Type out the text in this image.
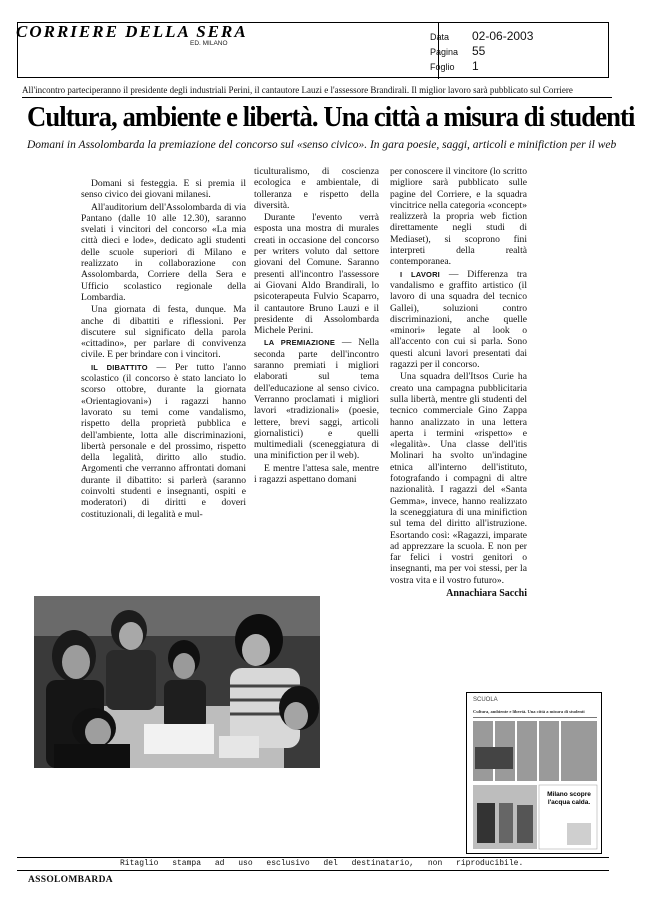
CORRIERE DELLA SERA
ED. MILANO
Data 02-06-2003
Pagina 55
Foglio 1
All'incontro parteciperanno il presidente degli industriali Perini, il cantautore Lauzi e l'assessore Brandirali. Il miglior lavoro sarà pubblicato sul Corriere
Cultura, ambiente e libertà. Una città a misura di studenti
Domani in Assolombarda la premiazione del concorso sul «senso civico». In gara poesie, saggi, articoli e minifiction per il web

Domani si festeggia. E si premia il senso civico dei giovani milanesi.

All'auditorium dell'Assolombarda di via Pantano (dalle 10 alle 12.30), saranno svelati i vincitori del concorso «La mia città dieci e lode», dedicato agli studenti delle scuole superiori di Milano e realizzato in collaborazione con Assolombarda, Corriere della Sera e Ufficio scolastico regionale della Lombardia.

Una giornata di festa, dunque. Ma anche di dibattiti e riflessioni. Per discutere sul significato della parola «cittadino», per parlare di convivenza civile. E per brindare con i vincitori.

IL DIBATTITO — Per tutto l'anno scolastico (il concorso è stato lanciato lo scorso ottobre, durante la giornata «Orientagiovani») i ragazzi hanno lavorato su temi come vandalismo, rispetto della proprietà pubblica e dell'ambiente, lotta alle discriminazioni, libertà personale e del prossimo, rispetto della legalità, diritto allo studio. Argomenti che verranno affrontati domani durante il dibattito: si parlerà (saranno coinvolti studenti e insegnanti, ospiti e moderatori) di diritti e doveri costituzionali, di legalità e mul-

ticulturalismo, di coscienza ecologica e ambientale, di tolleranza e rispetto della diversità.

Durante l'evento verrà esposta una mostra di murales creati in occasione del concorso per writers voluto dal settore giovani del Comune. Saranno presenti all'incontro l'assessore ai Giovani Aldo Brandirali, lo psicoterapeuta Fulvio Scaparro, il cantautore Bruno Lauzi e il presidente di Assolombarda Michele Perini.

LA PREMIAZIONE — Nella seconda parte dell'incontro saranno premiati i migliori elaborati sul tema dell'educazione al senso civico. Verranno proclamati i migliori lavori «tradizionali» (poesie, lettere, brevi saggi, articoli giornalistici) e quelli multimediali (sceneggiatura di una minifiction per il web).

E mentre l'attesa sale, mentre i ragazzi aspettano domani

per conoscere il vincitore (lo scritto migliore sarà pubblicato sulle pagine del Corriere, e la squadra vincitrice nella categoria «concept» realizzerà la propria web fiction direttamente negli studi di Mediaset), si scoprono fini interpreti della realtà contemporanea.

I LAVORI — Differenza tra vandalismo e graffito artistico (il lavoro di una squadra del tecnico Gallei), soluzioni contro discriminazioni, anche quelle «minori» legate al look o all'accento con cui si parla. Sono questi alcuni lavori presentati dai ragazzi per il concorso.

Una squadra dell'Itsos Curie ha creato una campagna pubblicitaria sulla libertà, mentre gli studenti del tecnico commerciale Gino Zappa hanno analizzato in una lettera aperta i termini «rispetto» e «legalità». Una classe dell'itis Molinari ha svolto un'indagine etnica all'interno dell'istituto, fotografando i compagni di altre nazionalità. I ragazzi del «Santa Gemma», invece, hanno realizzato la sceneggiatura di una minifiction sul tema del diritto all'istruzione. Esortando così: «Ragazzi, imparate ad apprezzare la scuola. E non per far felici i vostri genitori o insegnanti, ma per voi stessi, per la vostra vita e il vostro futuro».

Annachiara Sacchi
SCUOLA
Cultura, ambiente e libertà. Una città a misura di studenti
Milano scopre
l'acqua calda.
Ritaglio stampa ad uso esclusivo del destinatario, non riproducibile.
ASSOLOMBARDA
